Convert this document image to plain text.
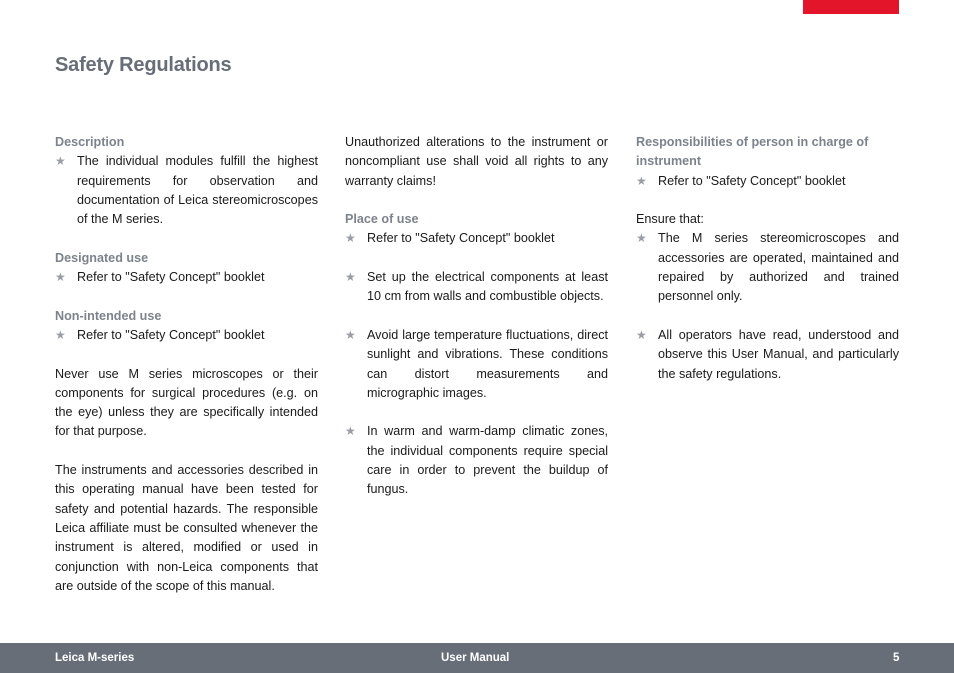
Safety Regulations
Description
★ The individual modules fulfill the highest requirements for observation and documentation of Leica stereomicroscopes of the M series.
Designated use
★ Refer to "Safety Concept" booklet
Non-intended use
★ Refer to "Safety Concept" booklet

Never use M series microscopes or their components for surgical procedures (e.g. on the eye) unless they are specifically intended for that purpose.

The instruments and accessories described in this operating manual have been tested for safety and potential hazards. The responsible Leica affiliate must be consulted whenever the instrument is altered, modified or used in conjunction with non-Leica components that are outside of the scope of this manual.

Unauthorized alterations to the instrument or noncompliant use shall void all rights to any warranty claims!

Place of use
★ Refer to "Safety Concept" booklet
★ Set up the electrical components at least 10 cm from walls and combustible objects.
★ Avoid large temperature fluctuations, direct sunlight and vibrations. These conditions can distort measurements and micrographic images.
★ In warm and warm-damp climatic zones, the individual components require special care in order to prevent the buildup of fungus.
Responsibilities of person in charge of instrument
★ Refer to "Safety Concept" booklet

Ensure that:

★ The M series stereomicroscopes and accessories are operated, maintained and repaired by authorized and trained personnel only.
★ All operators have read, understood and observe this User Manual, and particularly the safety regulations.
Leica M-series	User Manual	5
